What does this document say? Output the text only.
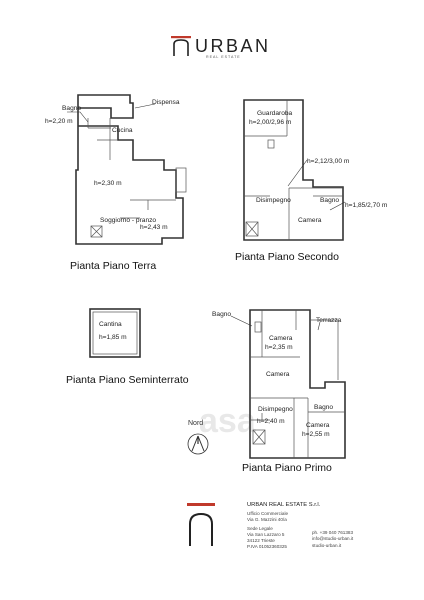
URBAN
REAL ESTATE
asa
Bagno
h=2,20 m
Dispensa
Cucina
h=2,30 m
Soggiorno - pranzo
h=2,43 m
Pianta Piano Terra
Guardaroba
h=2,00/2,96 m
h=2,12/3,00 m
Disimpegno	Bagno
Camera
h=1,85/2,70 m
Pianta Piano Secondo
Cantina
h=1,85 m
Pianta Piano Seminterrato
Bagno
Terrazza
Camera
h=2,35 m
Camera
Disimpegno	Bagno
h=2,40 m
Camera
h=2,55 m
Pianta Piano Primo
Nord
URBAN REAL ESTATE S.r.l.
Ufficio Commerciale
Via G. Mazzini 40/a
Sede Legale
Via San Lazzaro 5
34122 Trieste
P.IVA 01052360325
ph. +39 040 761383
info@studio-urban.it
studio-urban.it
